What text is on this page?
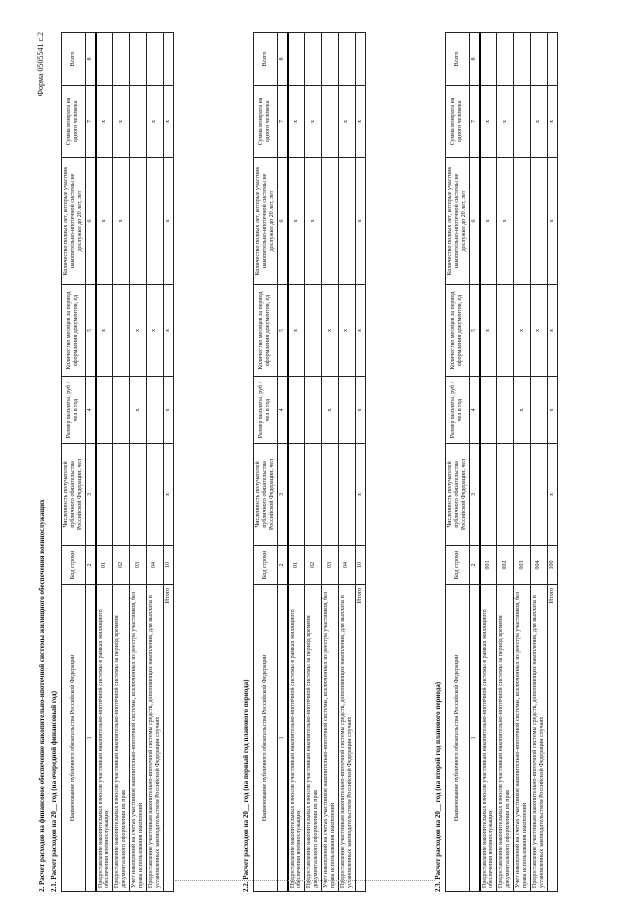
Форма 0505541 с.2
2. Расчет расходов на финансовое обеспечение накопительно-ипотечной системы жилищного обеспечения военнослужащих 2.1. Расчет расходов на 20__ год (на очередной финансовый год) Наименование публичного обязательства Российской Федерации	Код строки	Численность получателей публичного обязательства Российской Федерации, чел	Размер выплаты, руб / чел в год	Количество месяцев за период оформления документов, ед	Количество полных лет, которые участник накопительно-ипотечной системы не дослужил до 20 лет, лет	Сумма возврата на одного человека	Всего
1	2	3	4	5	6	7	8
Предоставление накопительных взносов участникам накопительно-ипотечной системы в рамках жилищного обеспечения военнослужащих	01			х	х	х	
Предоставление накопительных взносов участникам накопительно-ипотечной системы за период времени документального оформления их прав	02				х	х	
Учет накоплений на счетах участников накопительно-ипотечной системы, исключенных из реестра участников, без права использования накоплений	03		х	х			
Предоставление участникам накопительно-ипотечной системы средств, дополняющих накопления, для выплаты в установленных законодательством Российской Федерации случаях	04			х		х	
Итого	10	х	х	х	х	х	
2.2. Расчет расходов на 20__ год (на первый год планового периода) Наименование публичного обязательства Российской Федерации	Код строки	Численность получателей публичного обязательства Российской Федерации, чел	Размер выплаты, руб / чел в год	Количество месяцев за период оформления документов, ед	Количество полных лет, которые участник накопительно-ипотечной системы не дослужил до 20 лет, лет	Сумма возврата на одного человека	Всего
1	2	3	4	5	6	7	8
Предоставление накопительных взносов участникам накопительно-ипотечной системы в рамках жилищного обеспечения военнослужащих	01			х	х	х	
Предоставление накопительных взносов участникам накопительно-ипотечной системы за период времени документального оформления их прав	02				х	х	
Учет накоплений на счетах участников накопительно-ипотечной системы, исключенных из реестра участников, без права использования накоплений	03		х	х			
Предоставление участникам накопительно-ипотечной системы средств, дополняющих накопления, для выплаты в установленных законодательством Российской Федерации случаях	04			х		х	
Итого	10	х	х	х	х	х	
2.3. Расчет расходов на 20__ год (на второй год планового периода) Наименование публичного обязательства Российской Федерации	Код строки	Численность получателей публичного обязательства Российской Федерации, чел	Размер выплаты, руб / чел в год	Количество месяцев за период оформления документов, ед	Количество полных лет, которые участник накопительно-ипотечной системы не дослужил до 20 лет, лет	Сумма возврата на одного человека	Всего
1	2	3	4	5	6	7	8
Предоставление накопительных взносов участникам накопительно-ипотечной системы в рамках жилищного обеспечения военнослужащих	001			х	х	х	
Предоставление накопительных взносов участникам накопительно-ипотечной системы за период времени документального оформления их прав	002				х	х	
Учет накоплений на счетах участников накопительно-ипотечной системы, исключенных из реестра участников, без права использования накоплений	003		х	х			
Предоставление участникам накопительно-ипотечной системы средств, дополняющих накопления, для выплаты в установленных законодательством Российской Федерации случаях	004			х		х	
Итого	100	х	х	х	х	х	
